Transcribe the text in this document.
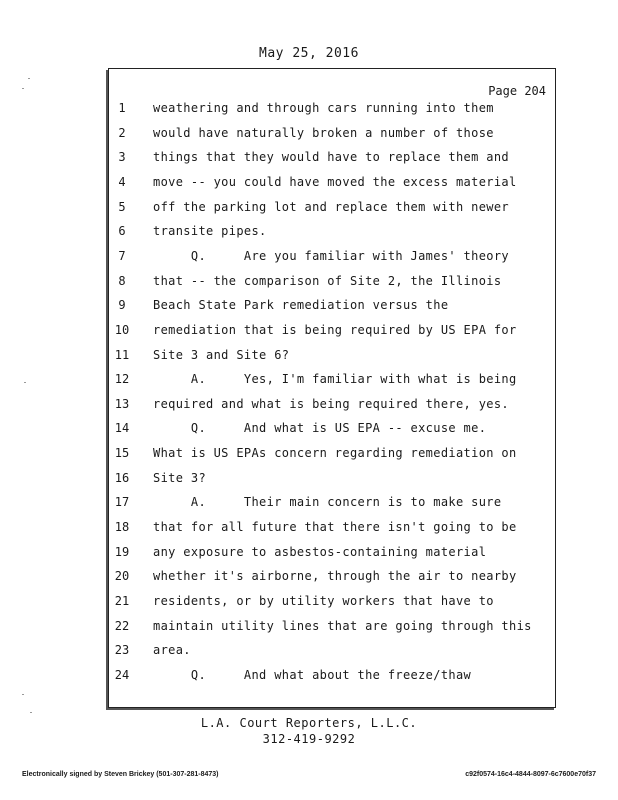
May 25, 2016
Page 204
1	weathering and through cars running into them
2	would have naturally broken a number of those
3	things that they would have to replace them and
4	move -- you could have moved the excess material
5	off the parking lot and replace them with newer
6	transite pipes.
7	Q.     Are you familiar with James' theory
8	that -- the comparison of Site 2, the Illinois
9	Beach State Park remediation versus the
10	remediation that is being required by US EPA for
11	Site 3 and Site 6?
12	A.     Yes, I'm familiar with what is being
13	required and what is being required there, yes.
14	Q.     And what is US EPA -- excuse me.
15	What is US EPAs concern regarding remediation on
16	Site 3?
17	A.     Their main concern is to make sure
18	that for all future that there isn't going to be
19	any exposure to asbestos-containing material
20	whether it's airborne, through the air to nearby
21	residents, or by utility workers that have to
22	maintain utility lines that are going through this
23	area.
24	Q.     And what about the freeze/thaw
L.A. Court Reporters, L.L.C.
312-419-9292
Electronically signed by Steven Brickey (501-307-281-8473)	c92f0574-16c4-4844-8097-6c7600e70f37
